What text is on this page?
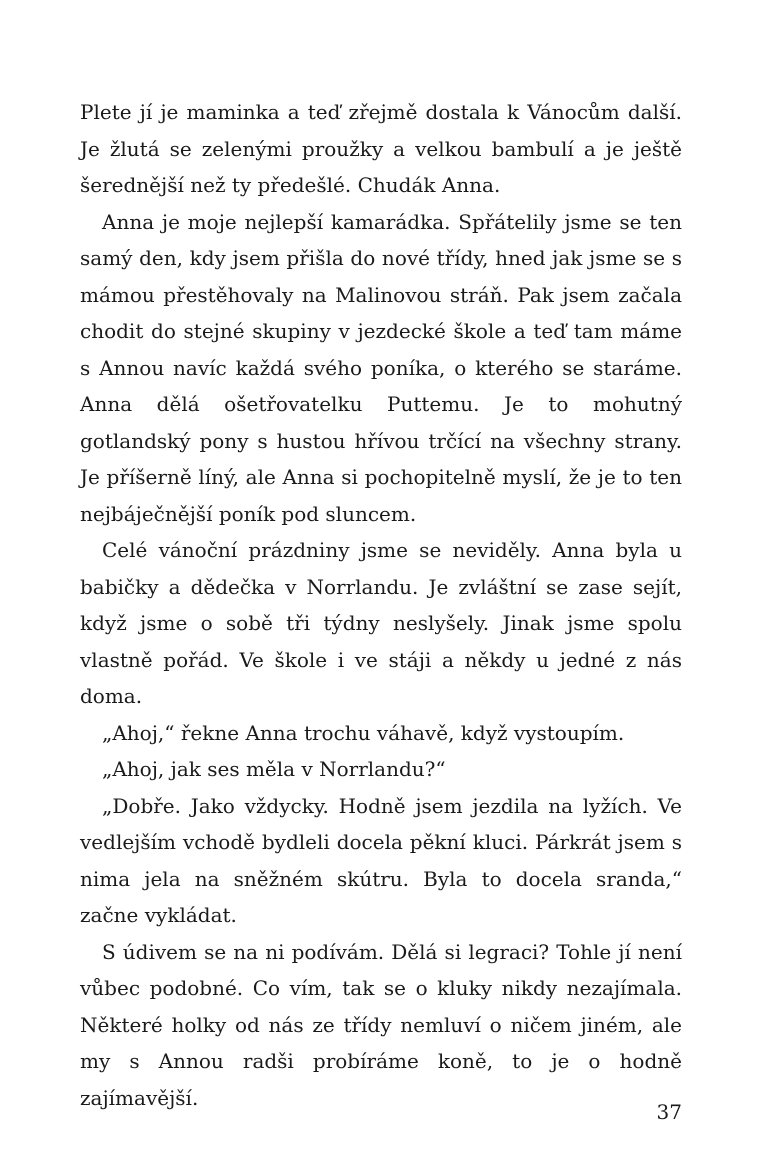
Plete jí je maminka a teď zřejmě dostala k Vánocům další. Je žlutá se zelenými proužky a velkou bambulí a je ještě šerednější než ty předešlé. Chudák Anna.

Anna je moje nejlepší kamarádka. Spřátelily jsme se ten samý den, kdy jsem přišla do nové třídy, hned jak jsme se s mámou přestěhovaly na Malinovou stráň. Pak jsem začala chodit do stejné skupiny v jezdecké škole a teď tam máme s Annou navíc každá svého poníka, o kterého se staráme. Anna dělá ošetřovatelku Puttemu. Je to mohutný gotlandský pony s hustou hřívou trčící na všechny strany. Je příšerně líný, ale Anna si pochopitelně myslí, že je to ten nejbáječnější poník pod sluncem.

Celé vánoční prázdniny jsme se neviděly. Anna byla u babičky a dědečka v Norrlandu. Je zvláštní se zase sejít, když jsme o sobě tři týdny neslyšely. Jinak jsme spolu vlastně pořád. Ve škole i ve stáji a někdy u jedné z nás doma.

„Ahoj,“ řekne Anna trochu váhavě, když vystoupím.

„Ahoj, jak ses měla v Norrlandu?“

„Dobře. Jako vždycky. Hodně jsem jezdila na lyžích. Ve vedlejším vchodě bydleli docela pěkní kluci. Párkrát jsem s nima jela na sněžném skútru. Byla to docela sranda,“ začne vykládat.

S údivem se na ni podívám. Dělá si legraci? Tohle jí není vůbec podobné. Co vím, tak se o kluky nikdy nezajímala. Některé holky od nás ze třídy nemluví o ničem jiném, ale my s Annou radši probíráme koně, to je o hodně zajímavější.

37
